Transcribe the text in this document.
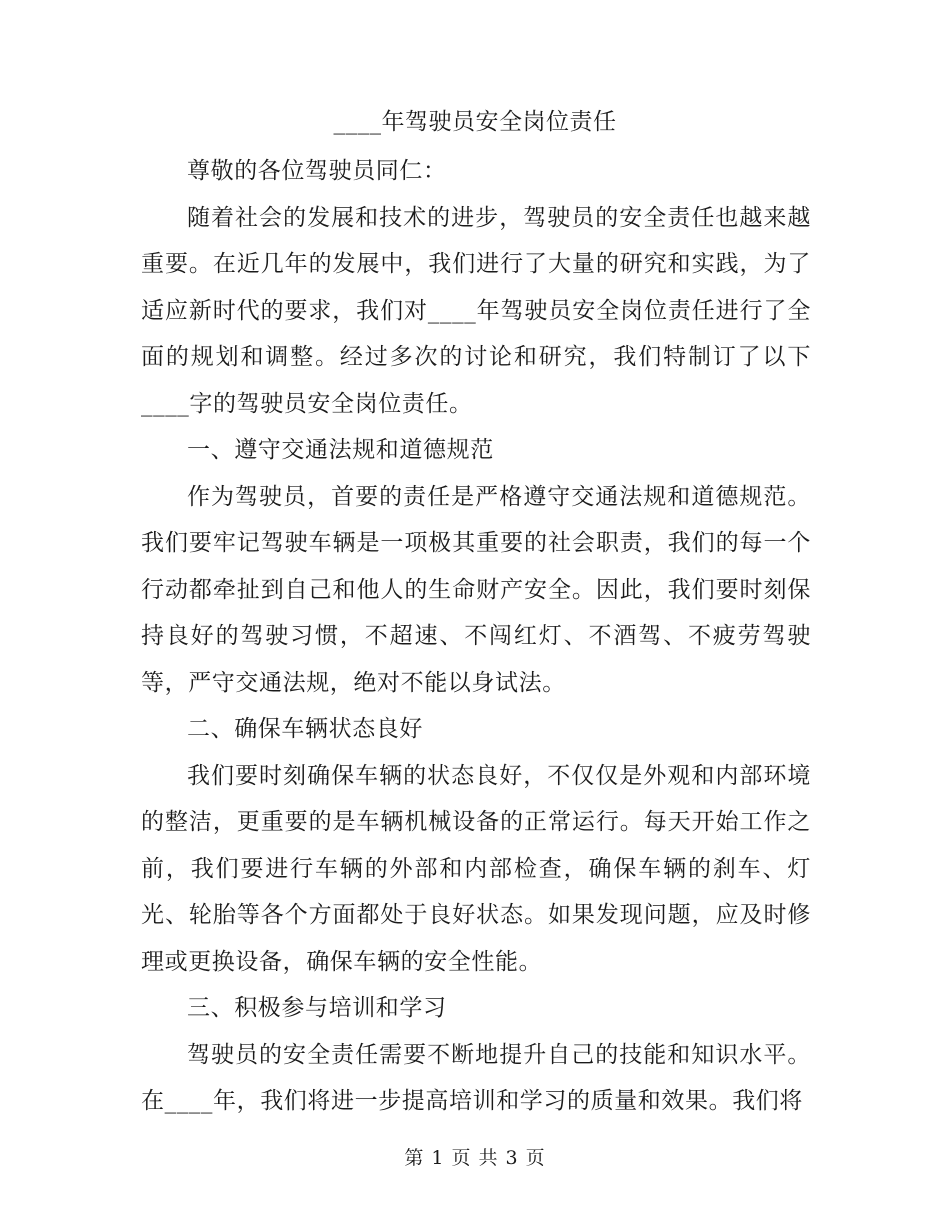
____年驾驶员安全岗位责任

尊敬的各位驾驶员同仁：

随着社会的发展和技术的进步，驾驶员的安全责任也越来越重要。在近几年的发展中，我们进行了大量的研究和实践，为了适应新时代的要求，我们对____年驾驶员安全岗位责任进行了全面的规划和调整。经过多次的讨论和研究，我们特制订了以下____字的驾驶员安全岗位责任。

一、遵守交通法规和道德规范

作为驾驶员，首要的责任是严格遵守交通法规和道德规范。我们要牢记驾驶车辆是一项极其重要的社会职责，我们的每一个行动都牵扯到自己和他人的生命财产安全。因此，我们要时刻保持良好的驾驶习惯，不超速、不闯红灯、不酒驾、不疲劳驾驶等，严守交通法规，绝对不能以身试法。

二、确保车辆状态良好

我们要时刻确保车辆的状态良好，不仅仅是外观和内部环境的整洁，更重要的是车辆机械设备的正常运行。每天开始工作之前，我们要进行车辆的外部和内部检查，确保车辆的刹车、灯光、轮胎等各个方面都处于良好状态。如果发现问题，应及时修理或更换设备，确保车辆的安全性能。

三、积极参与培训和学习

驾驶员的安全责任需要不断地提升自己的技能和知识水平。在____年，我们将进一步提高培训和学习的质量和效果。我们将

第 1 页 共 3 页
